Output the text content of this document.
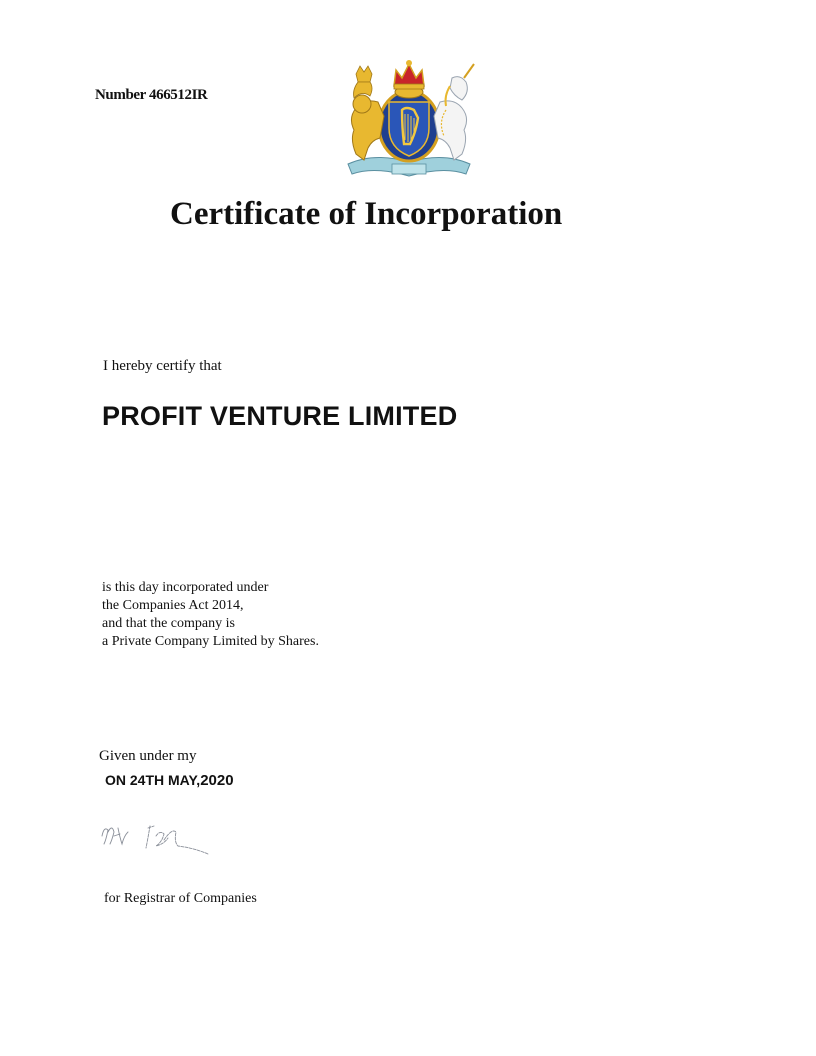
Number 466512IR
Certificate of Incorporation
I hereby certify that
PROFIT VENTURE LIMITED
is this day incorporated under
the Companies Act 2014,
and that the company is
a Private Company Limited by Shares.
Given under my
ON 24TH MAY,2020
for Registrar of Companies
